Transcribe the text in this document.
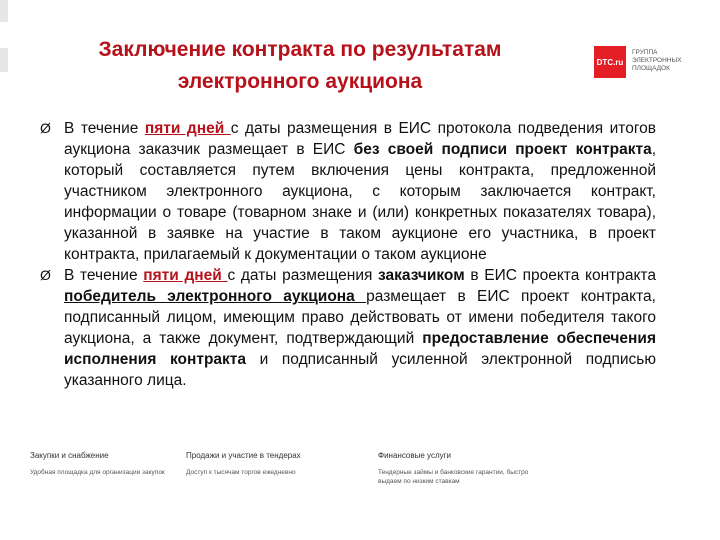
Заключение контракта по результатам
электронного аукциона
DTC.ru
ГРУППА ЭЛЕКТРОННЫХ ПЛОЩАДОК
Ø В течение пяти дней с даты размещения в ЕИС протокола подведения итогов аукциона заказчик размещает в ЕИС без своей подписи проект контракта, который составляется путем включения цены контракта, предложенной участником электронного аукциона, с которым заключается контракт, информации о товаре (товарном знаке и (или) конкретных показателях товара), указанной в заявке на участие в таком аукционе его участника, в проект контракта, прилагаемый к документации о таком аукционе
Ø В течение пяти дней с даты размещения заказчиком в ЕИС проекта контракта победитель электронного аукциона размещает в ЕИС проект контракта, подписанный лицом, имеющим право действовать от имени победителя такого аукциона, а также документ, подтверждающий предоставление обеспечения исполнения контракта и подписанный усиленной электронной подписью указанного лица.
Закупки и снабжение
Удобная площадка для организации закупок
Продажи и участие в тендерах
Доступ к тысячам торгов ежедневно
Финансовые услуги
Тендерные займы и банковские гарантии, быстро выдаем по низким ставкам
